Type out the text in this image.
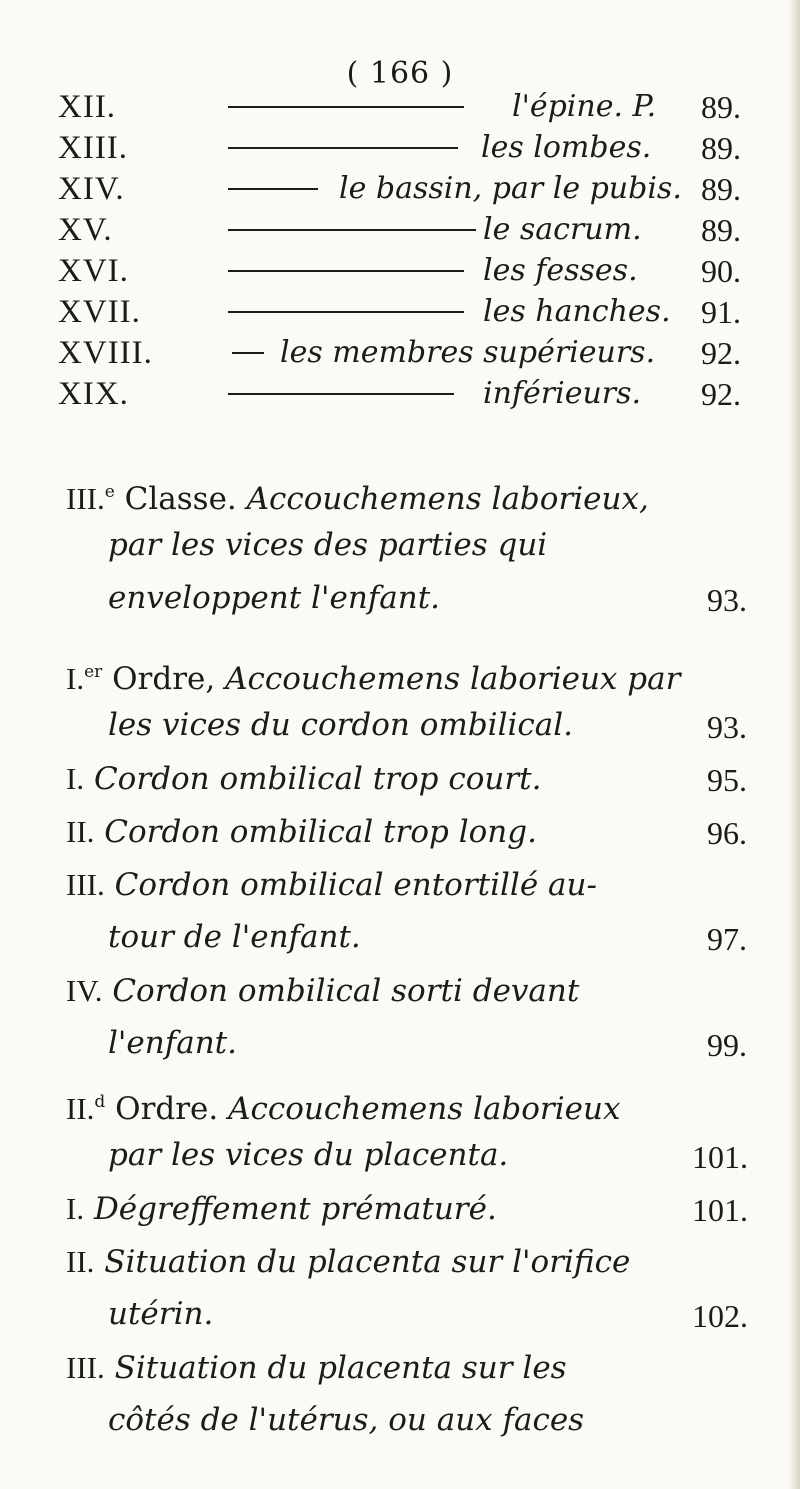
( 166 )
XII.	l'épine. P. 89.
XIII.	les lombes. 89.
XIV.	le bassin, par le pubis. 89.
XV.	le sacrum. 89.
XVI.	les fesses. 90.
XVII.	les hanches. 91.
XVIII.	les membres supérieurs. 92.
XIX.	inférieurs. 92.
III.$^e$ Classe. Accouchemens laborieux,
par les vices des parties qui
enveloppent l'enfant.	93.
I.$^{er}$ Ordre, Accouchemens laborieux par
les vices du cordon ombilical.	93.
I. Cordon ombilical trop court.	95.
II. Cordon ombilical trop long.	96.
III. Cordon ombilical entortillé au-
tour de l'enfant.	97.
IV. Cordon ombilical sorti devant
l'enfant.	99.
II.$^d$ Ordre. Accouchemens laborieux
par les vices du placenta.	101.
I. Dégreffement prématuré.	101.
II. Situation du placenta sur l'orifice
utérin.	102.
III. Situation du placenta sur les
côtés de l'utérus, ou aux faces
